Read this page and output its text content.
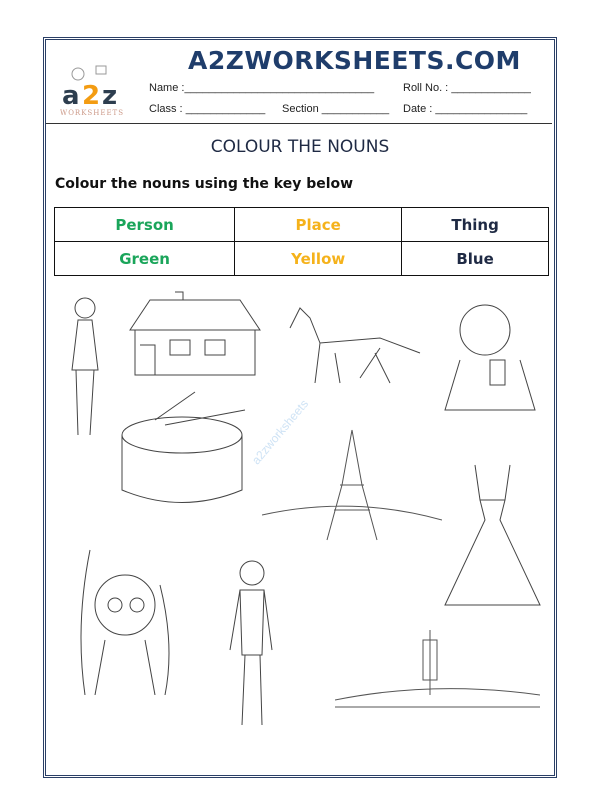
a 2 z
WORKSHEETS
A2ZWORKSHEETS.COM
Name :_______________________________	Roll No. : _____________
Class : _____________ Section ___________ Date : _______________
COLOUR THE NOUNS
Colour the nouns using the key below
Person	Place	Thing
Green	Yellow	Blue
a2zworksheets
